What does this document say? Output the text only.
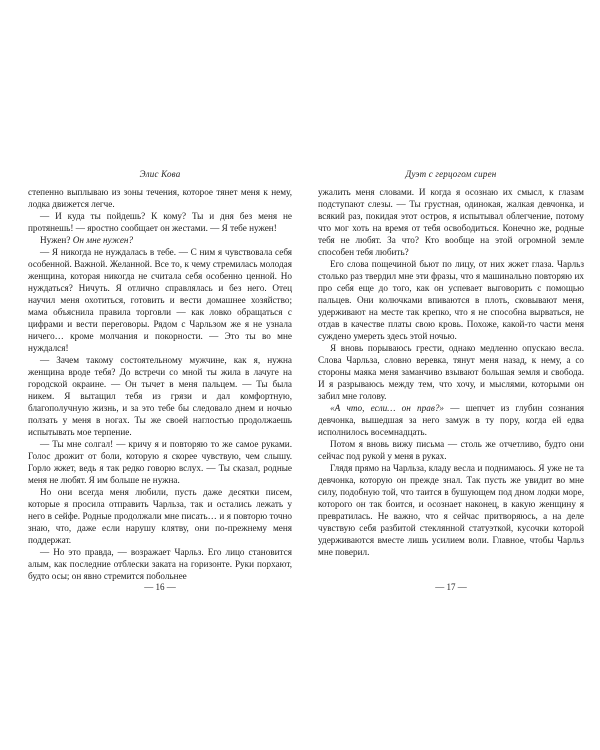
Элис Кова

степенно выплываю из зоны течения, которое тянет меня к нему, лодка движется легче.

— И куда ты пойдешь? К кому? Ты и дня без меня не протянешь! — яростно сообщает он жестами. — Я тебе нужен!

Нужен? Он мне нужен?

— Я никогда не нуждалась в тебе. — С ним я чувствовала себя особенной. Важной. Желанной. Все то, к чему стремилась молодая женщина, которая никогда не считала себя особенно ценной. Но нуждаться? Ничуть. Я отлично справлялась и без него. Отец научил меня охотиться, готовить и вести домашнее хозяйство; мама объяснила правила торговли — как ловко обращаться с цифрами и вести переговоры. Рядом с Чарльзом же я не узнала ничего… кроме молчания и покорности. — Это ты во мне нуждался!

— Зачем такому состоятельному мужчине, как я, нужна женщина вроде тебя? До встречи со мной ты жила в лачуге на городской окраине. — Он тычет в меня пальцем. — Ты была никем. Я вытащил тебя из грязи и дал комфортную, благополучную жизнь, и за это тебе бы следовало днем и ночью ползать у меня в ногах. Ты же своей наглостью продолжаешь испытывать мое терпение.

— Ты мне солгал! — кричу я и повторяю то же самое руками. Голос дрожит от боли, которую я скорее чувствую, чем слышу. Горло жжет, ведь я так редко говорю вслух. — Ты сказал, родные меня не любят. Я им больше не нужна.

Но они всегда меня любили, пусть даже десятки писем, которые я просила отправить Чарльза, так и остались лежать у него в сейфе. Родные продолжали мне писать… и я повторю точно знаю, что, даже если нарушу клятву, они по-прежнему меня поддержат.

— Но это правда, — возражает Чарльз. Его лицо становится алым, как последние отблески заката на горизонте. Руки порхают, будто осы; он явно стремится побольнее

— 16 —
Дуэт с герцогом сирен

ужалить меня словами. И когда я осознаю их смысл, к глазам подступают слезы. — Ты грустная, одинокая, жалкая девчонка, и всякий раз, покидая этот остров, я испытывал облегчение, потому что мог хоть на время от тебя освободиться. Конечно же, родные тебя не любят. За что? Кто вообще на этой огромной земле способен тебя любить?

Его слова пощечиной бьют по лицу, от них жжет глаза. Чарльз столько раз твердил мне эти фразы, что я машинально повторяю их про себя еще до того, как он успевает выговорить с помощью пальцев. Они колючками впиваются в плоть, сковывают меня, удерживают на месте так крепко, что я не способна вырваться, не отдав в качестве платы свою кровь. Похоже, какой-то части меня суждено умереть здесь этой ночью.

Я вновь порываюсь грести, однако медленно опускаю весла. Слова Чарльза, словно веревка, тянут меня назад, к нему, а со стороны маяка меня заманчиво взывают большая земля и свобода. И я разрываюсь между тем, что хочу, и мыслями, которыми он забил мне голову.

«А что, если… он прав?» — шепчет из глубин сознания девчонка, вышедшая за него замуж в ту пору, когда ей едва исполнилось восемнадцать.

Потом я вновь вижу письма — столь же отчетливо, будто они сейчас под рукой у меня в руках.

Глядя прямо на Чарльза, кладу весла и поднимаюсь. Я уже не та девчонка, которую он прежде знал. Так пусть же увидит во мне силу, подобную той, что таится в бушующем под дном лодки море, которого он так боится, и осознает наконец, в какую женщину я превратилась. Не важно, что я сейчас притворяюсь, а на деле чувствую себя разбитой стеклянной статуэткой, кусочки которой удерживаются вместе лишь усилием воли. Главное, чтобы Чарльз мне поверил.

— 17 —
